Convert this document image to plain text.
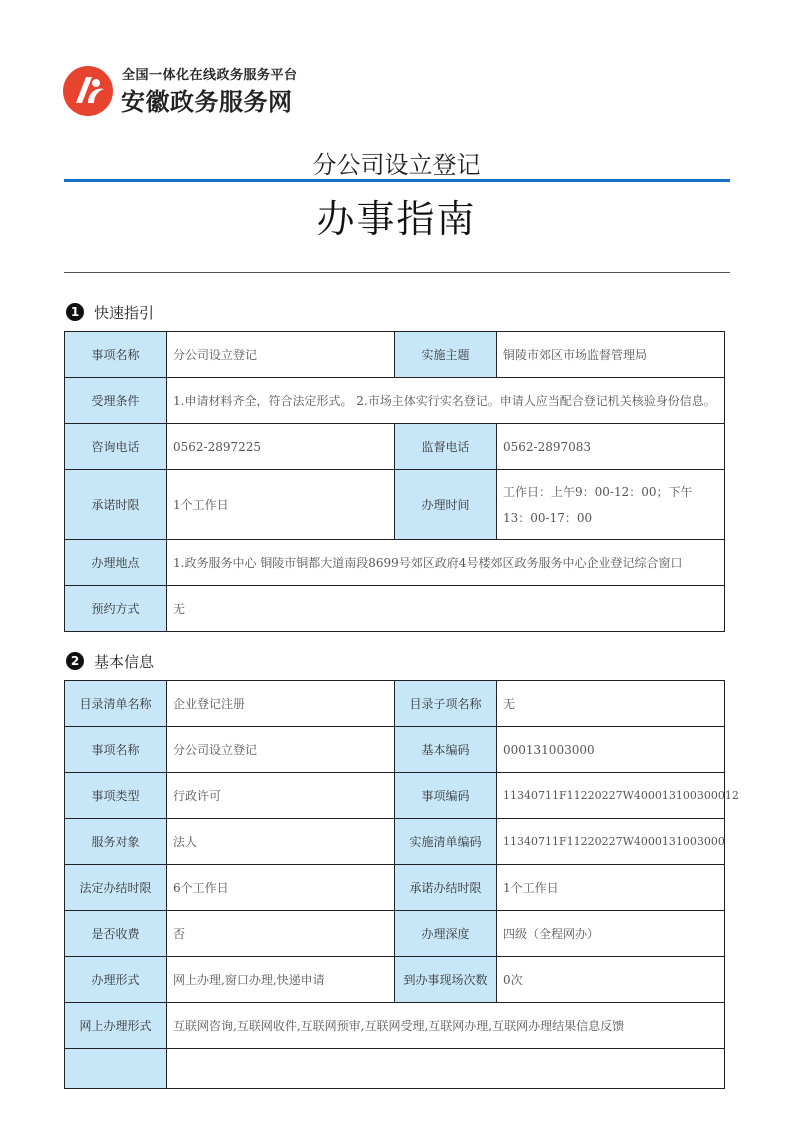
全国一体化在线政务服务平台
安徽政务服务网
分公司设立登记
办事指南
1 快速指引
事项名称	分公司设立登记	实施主题	铜陵市郊区市场监督管理局
受理条件	1.申请材料齐全，符合法定形式。 2.市场主体实行实名登记。申请人应当配合登记机关核验身份信息。		
咨询电话	0562-2897225	监督电话	0562-2897083
承诺时限	1个工作日	办理时间	工作日：上午9：00-12：00；下午13：00-17：00
办理地点	1.政务服务中心 铜陵市铜都大道南段8699号郊区政府4号楼郊区政务服务中心企业登记综合窗口		
预约方式	无		
2 基本信息
目录清单名称	企业登记注册	目录子项名称	无
事项名称	分公司设立登记	基本编码	000131003000
事项类型	行政许可	事项编码	11340711F11220227W400013100300012
服务对象	法人	实施清单编码	11340711F11220227W4000131003000
法定办结时限	6个工作日	承诺办结时限	1个工作日
是否收费	否	办理深度	四级（全程网办）
办理形式	网上办理,窗口办理,快递申请	到办事现场次数	0次
网上办理形式	互联网咨询,互联网收件,互联网预审,互联网受理,互联网办理,互联网办理结果信息反馈		
